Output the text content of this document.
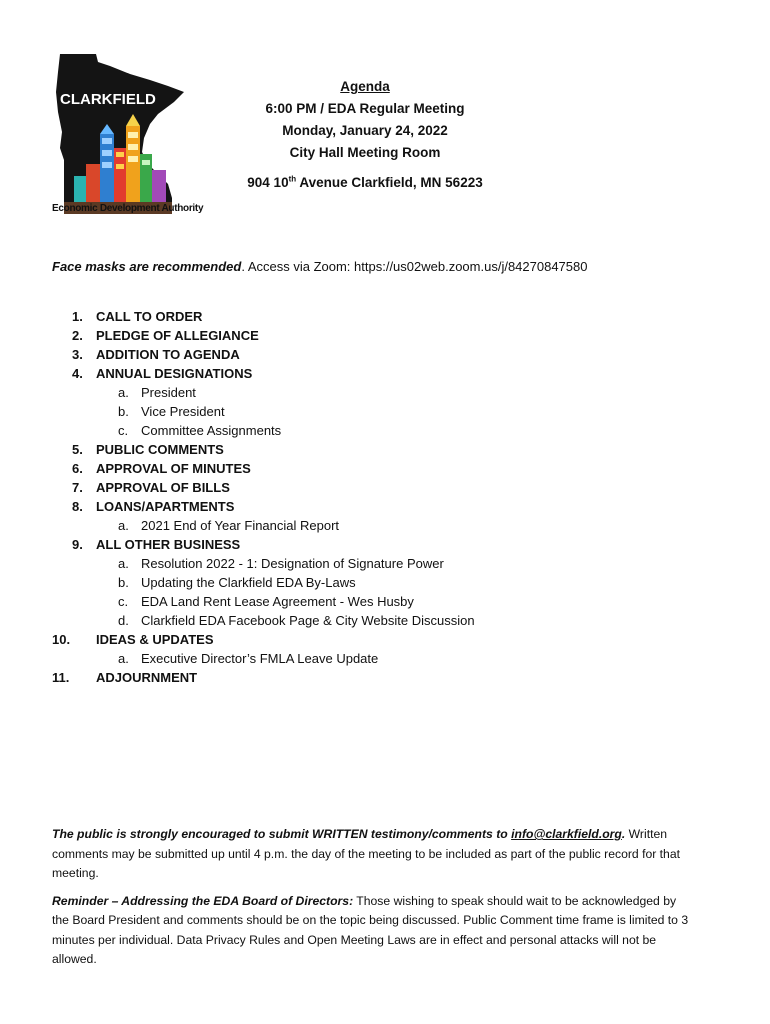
CLARKFIELD
Economic Development Authority
Agenda
6:00 PM / EDA Regular Meeting
Monday, January 24, 2022
City Hall Meeting Room
904 10th Avenue Clarkfield, MN 56223
Face masks are recommended. Access via Zoom: https://us02web.zoom.us/j/84270847580
1. CALL TO ORDER
2. PLEDGE OF ALLEGIANCE
3. ADDITION TO AGENDA
4. ANNUAL DESIGNATIONS
a. President
b. Vice President
c. Committee Assignments
5. PUBLIC COMMENTS
6. APPROVAL OF MINUTES
7. APPROVAL OF BILLS
8. LOANS/APARTMENTS
a. 2021 End of Year Financial Report
9. ALL OTHER BUSINESS
a. Resolution 2022 - 1: Designation of Signature Power
b. Updating the Clarkfield EDA By-Laws
c. EDA Land Rent Lease Agreement - Wes Husby
d. Clarkfield EDA Facebook Page & City Website Discussion
10. IDEAS & UPDATES
a. Executive Director’s FMLA Leave Update
11. ADJOURNMENT

The public is strongly encouraged to submit WRITTEN testimony/comments to info@clarkfield.org. Written comments may be submitted up until 4 p.m. the day of the meeting to be included as part of the public record for that meeting.

Reminder – Addressing the EDA Board of Directors: Those wishing to speak should wait to be acknowledged by the Board President and comments should be on the topic being discussed. Public Comment time frame is limited to 3 minutes per individual. Data Privacy Rules and Open Meeting Laws are in effect and personal attacks will not be allowed.
